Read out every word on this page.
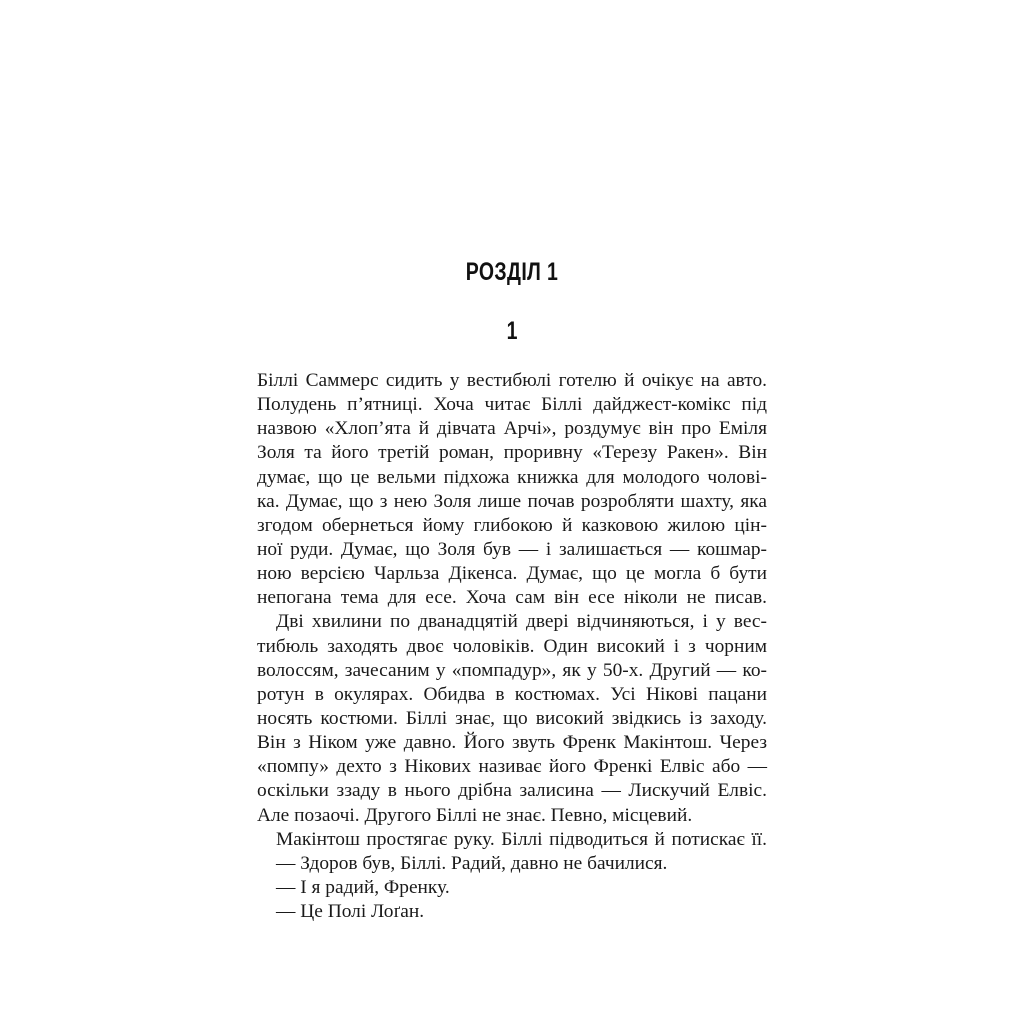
РОЗДІЛ 1
1
Біллі Саммерс сидить у вестибюлі готелю й очікує на авто.
Полудень п’ятниці. Хоча читає Біллі дайджест-комікс під
назвою «Хлоп’ята й дівчата Арчі», роздумує він про Еміля
Золя та його третій роман, проривну «Терезу Ракен». Він
думає, що це вельми підхожа книжка для молодого чолові-
ка. Думає, що з нею Золя лише почав розробляти шахту, яка
згодом обернеться йому глибокою й казковою жилою цін-
ної руди. Думає, що Золя був — і залишається — кошмар-
ною версією Чарльза Дікенса. Думає, що це могла б бути
непогана тема для есе. Хоча сам він есе ніколи не писав.
Дві хвилини по дванадцятій двері відчиняються, і у вес-
тибюль заходять двоє чоловіків. Один високий і з чорним
волоссям, зачесаним у «помпадур», як у 50-х. Другий — ко-
ротун в окулярах. Обидва в костюмах. Усі Нікові пацани
носять костюми. Біллі знає, що високий звідкись із заходу.
Він з Ніком уже давно. Його звуть Френк Макінтош. Через
«помпу» дехто з Нікових називає його Френкі Елвіс або —
оскільки ззаду в нього дрібна залисина — Лискучий Елвіс.
Але позаочі. Другого Біллі не знає. Певно, місцевий.
Макінтош простягає руку. Біллі підводиться й потискає її.
— Здоров був, Біллі. Радий, давно не бачилися.
— І я радий, Френку.
— Це Полі Лоґан.
